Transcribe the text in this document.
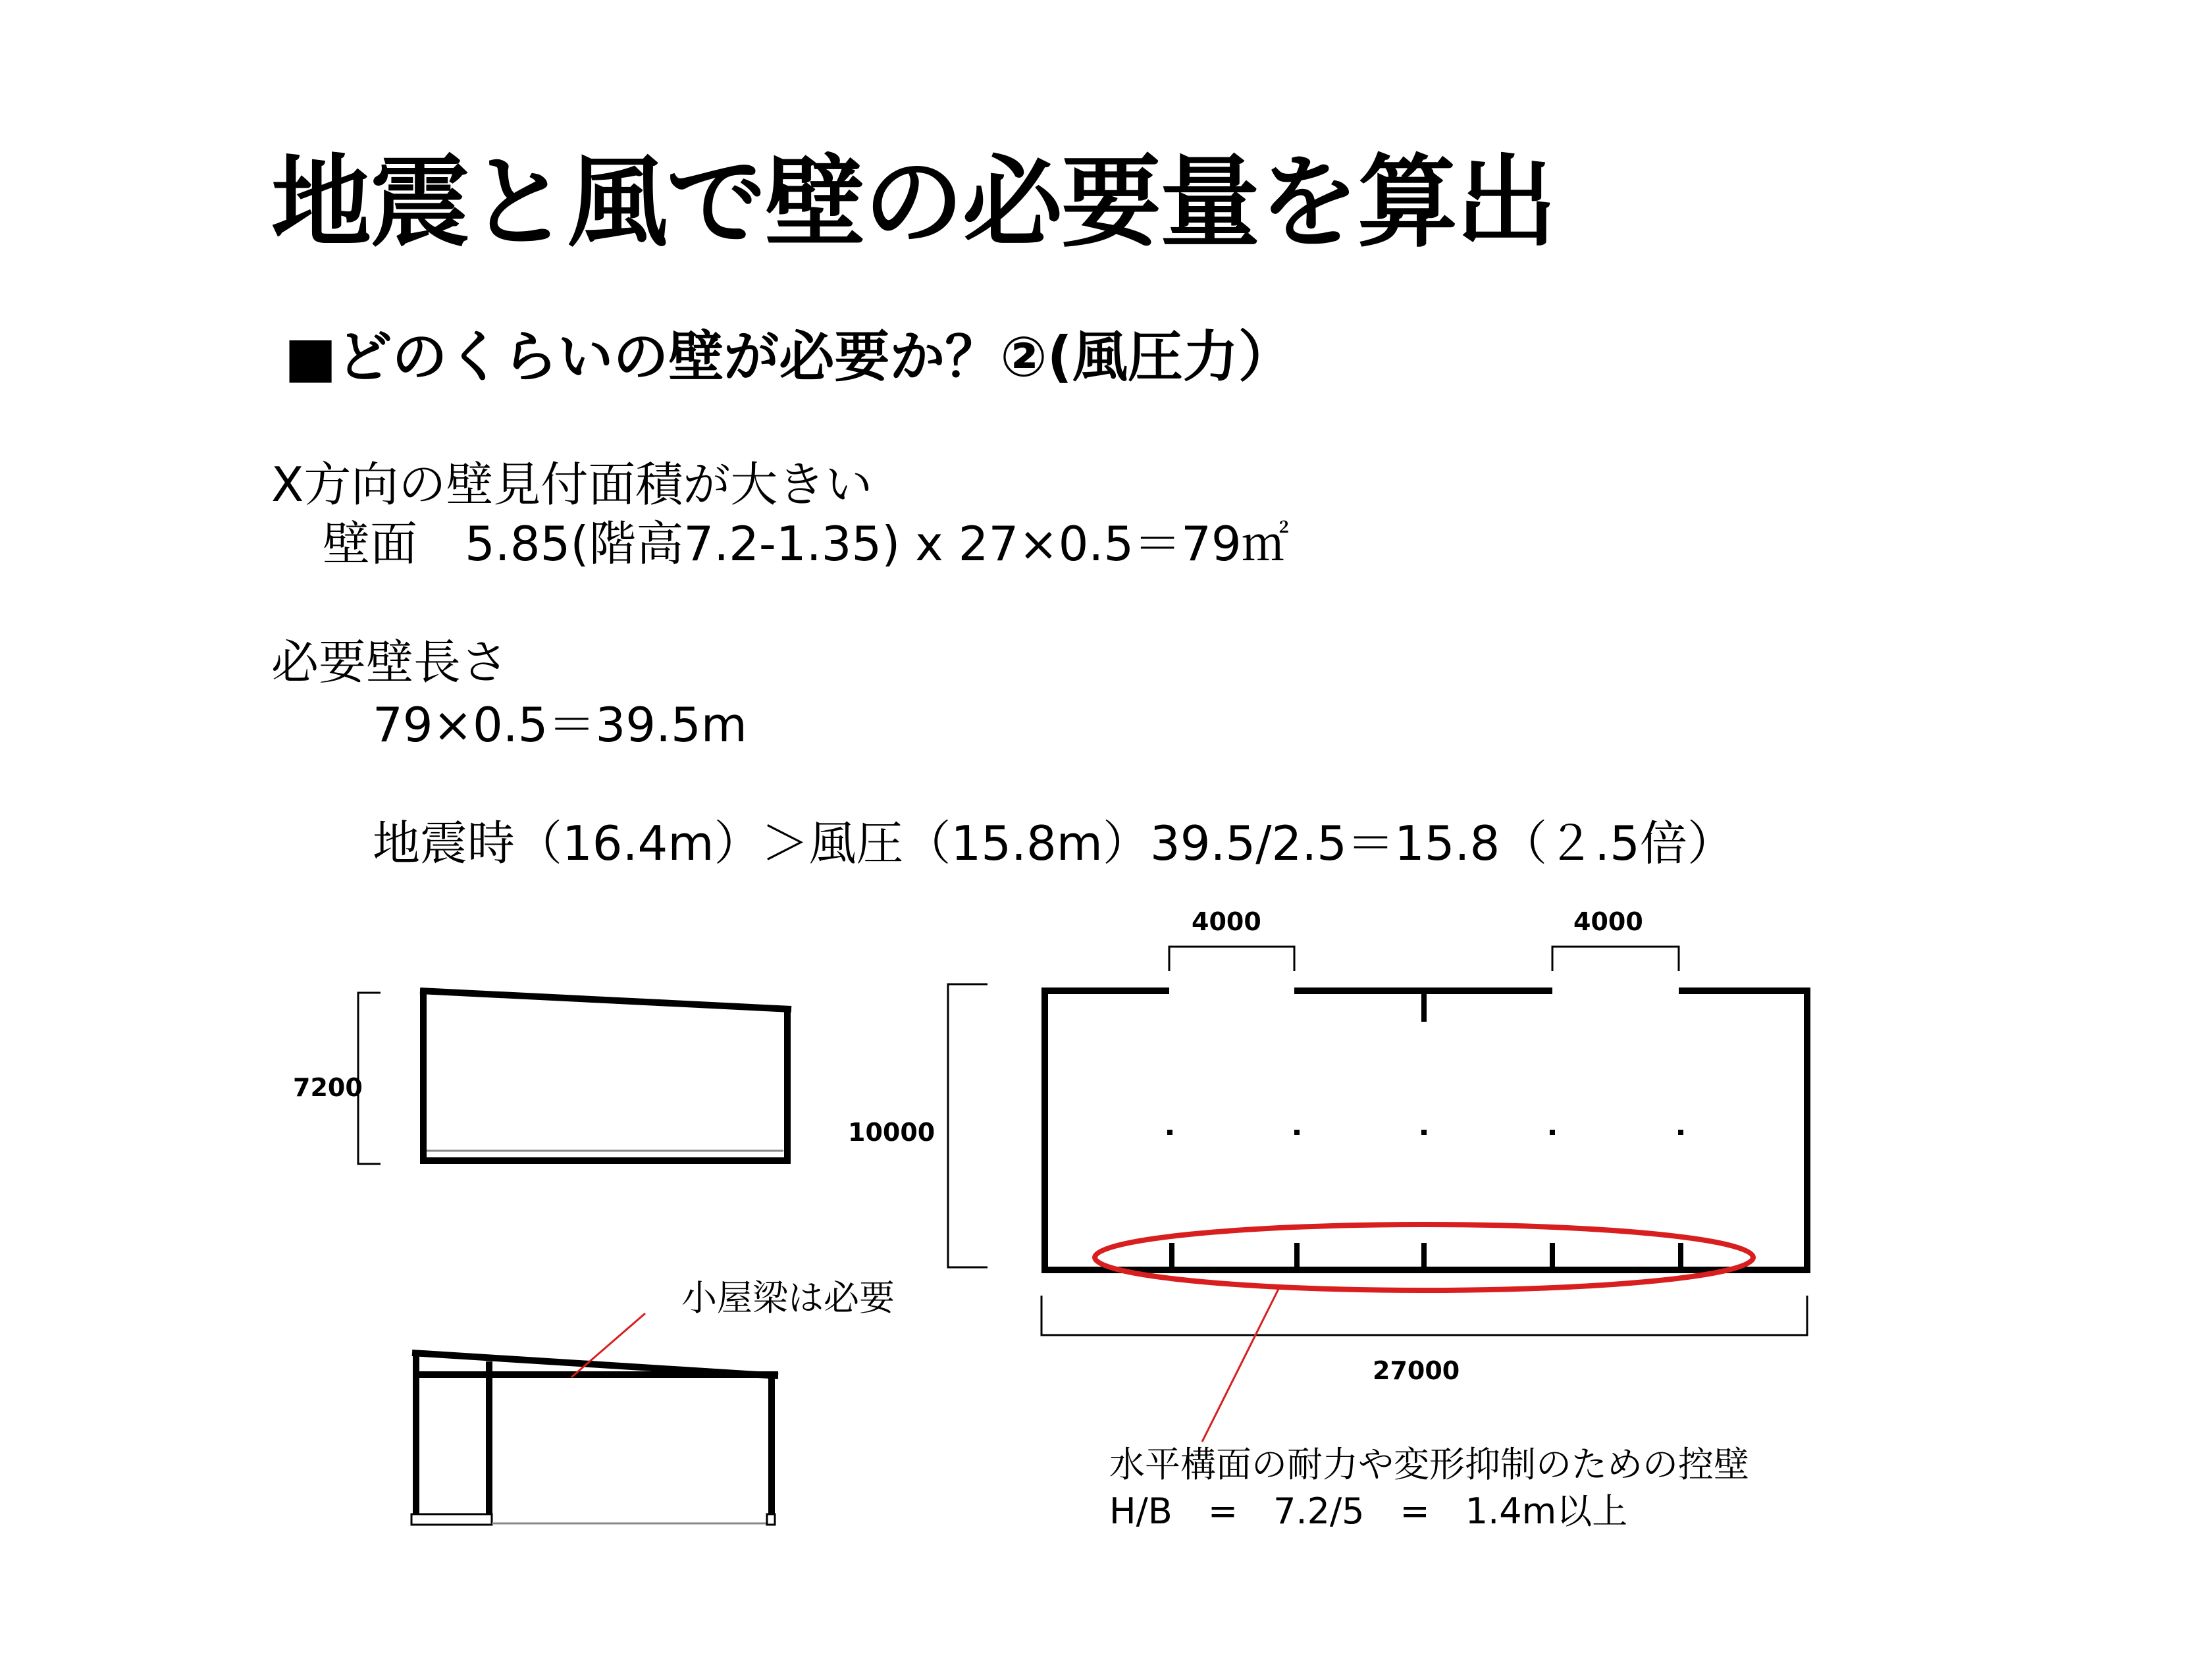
地震と風で壁の必要量を算出
■どのくらいの壁が必要か？②(風圧力）
X方向の壁見付面積が大きい
壁面　5.85(階高7.2-1.35) x 27×0.5＝79㎡
必要壁長さ
79×0.5＝39.5m
地震時（16.4m）＞風圧（15.8m）39.5/2.5＝15.8（２.5倍）
7200
4000	4000
10000
27000
小屋梁は必要
水平構面の耐力や変形抑制のための控壁
H/B　=　7.2/5　=　1.4m以上
